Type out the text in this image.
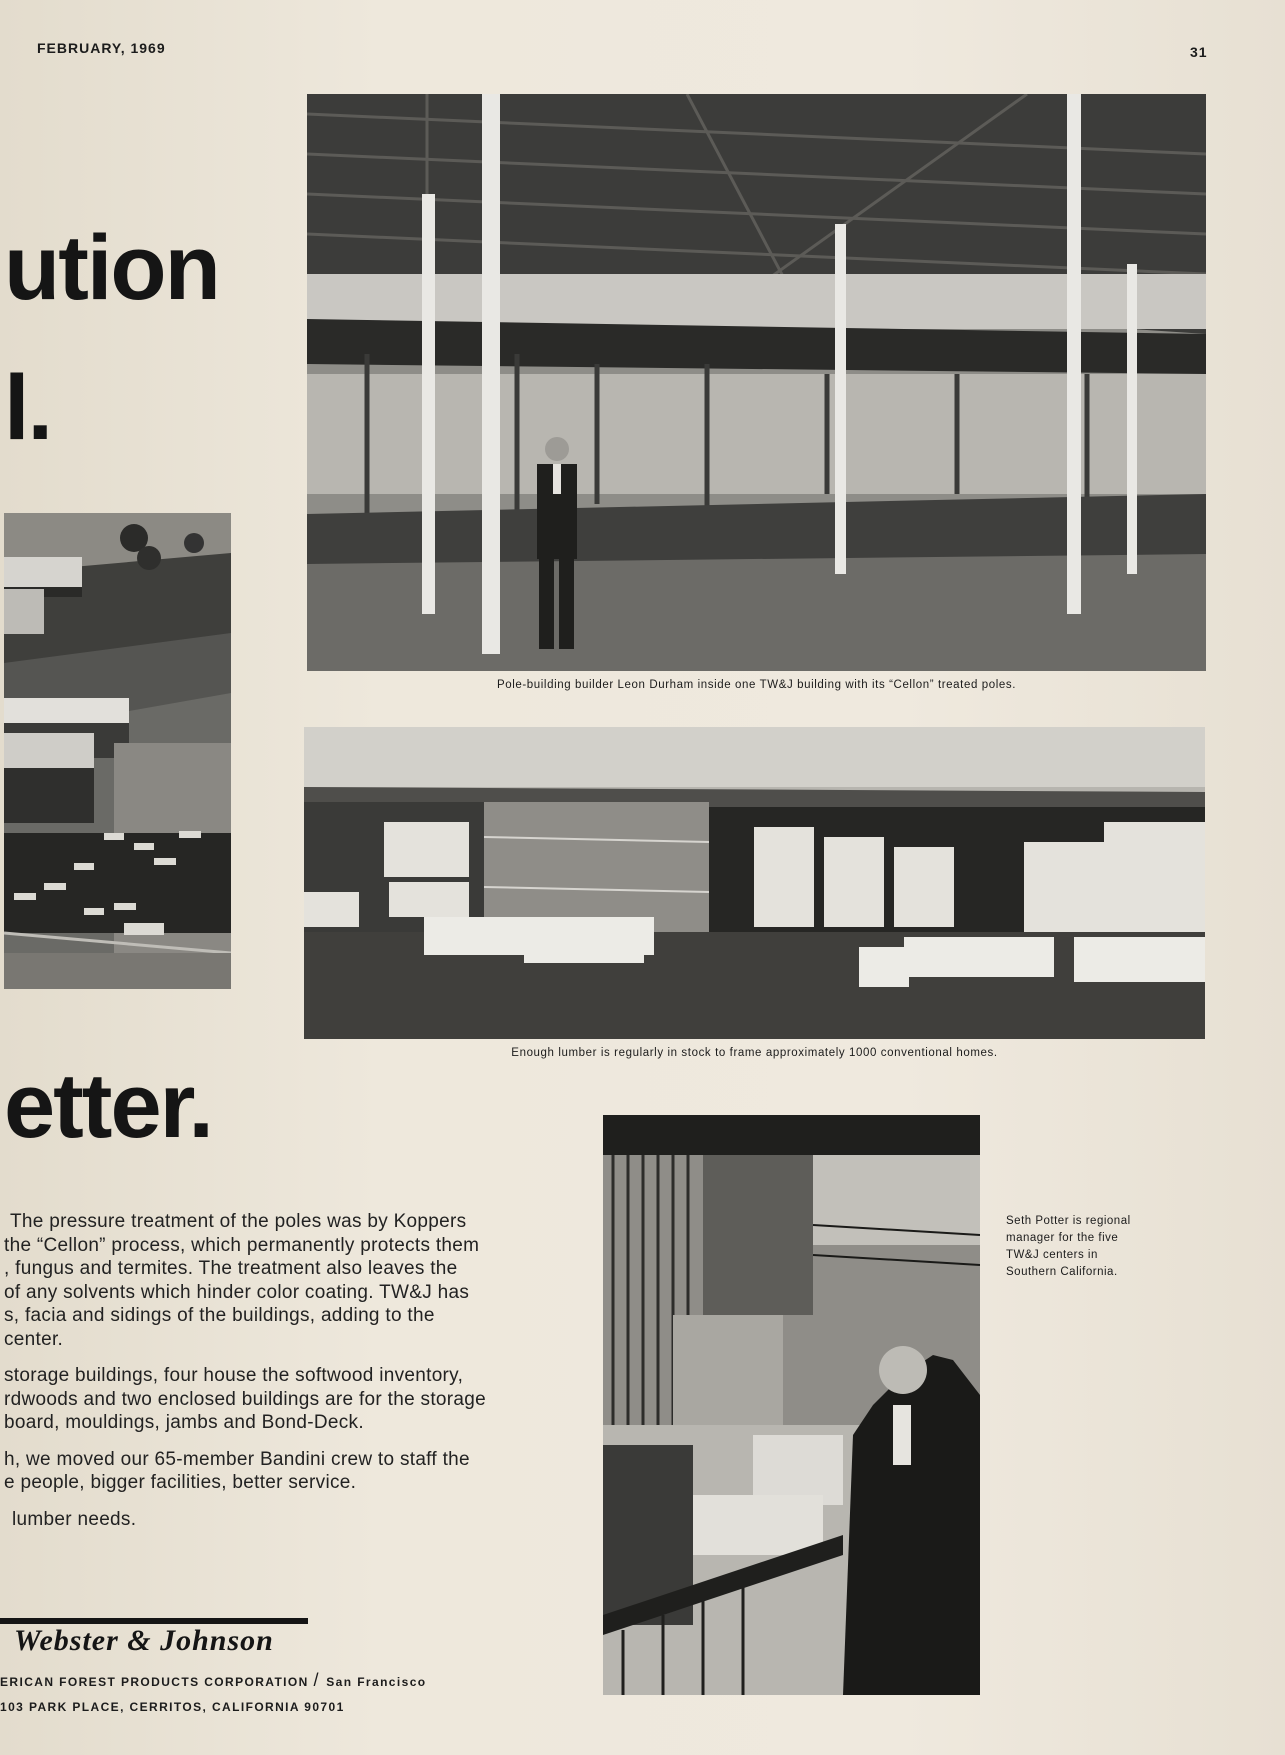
FEBRUARY, 1969	31
ution
l.
etter.
Pole-building builder Leon Durham inside one TW&J building with its “Cellon” treated poles.
Enough lumber is regularly in stock to frame approximately 1000 conventional homes.
Seth Potter is regional
manager for the five
TW&J centers in
Southern California.
The pressure treatment of the poles was by Koppers
the “Cellon” process, which permanently protects them
, fungus and termites. The treatment also leaves the
of any solvents which hinder color coating. TW&J has
s, facia and sidings of the buildings, adding to the
center.
storage buildings, four house the softwood inventory,
rdwoods and two enclosed buildings are for the storage
board, mouldings, jambs and Bond-Deck.
h, we moved our 65-member Bandini crew to staff the
e people, bigger facilities, better service.
lumber needs.
Webster & Johnson
ERICAN FOREST PRODUCTS CORPORATION / San Francisco
103 PARK PLACE, CERRITOS, CALIFORNIA 90701
